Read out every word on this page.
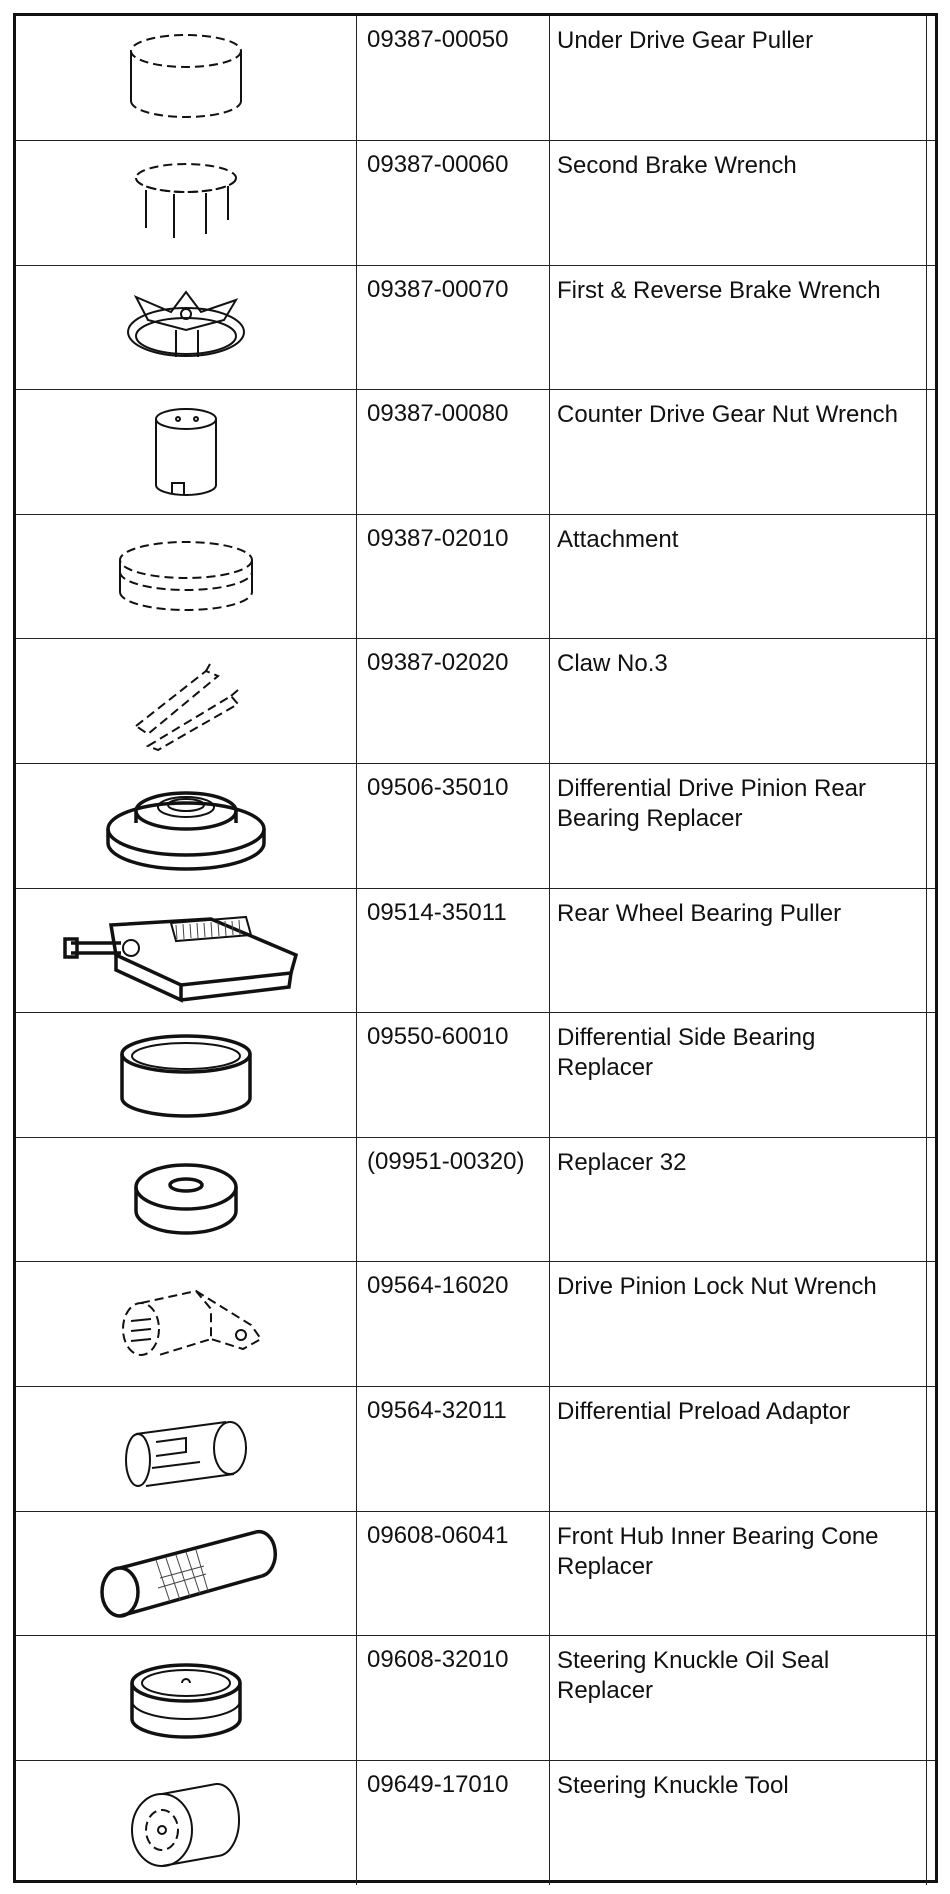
	09387-00050	Under Drive Gear Puller	

	09387-00060	Second Brake Wrench	

	09387-00070	First & Reverse Brake Wrench	

	09387-00080	Counter Drive Gear Nut Wrench	

	09387-02010	Attachment	

	09387-02020	Claw No.3	

	09506-35010	Differential Drive Pinion Rear Bearing Replacer	

	09514-35011	Rear Wheel Bearing Puller	

	09550-60010	Differential Side Bearing Replacer	

	(09951-00320)	Replacer 32	

	09564-16020	Drive Pinion Lock Nut Wrench	

	09564-32011	Differential Preload Adaptor	

	09608-06041	Front Hub Inner Bearing Cone Replacer	

	09608-32010	Steering Knuckle Oil Seal Replacer	

	09649-17010	Steering Knuckle Tool	
